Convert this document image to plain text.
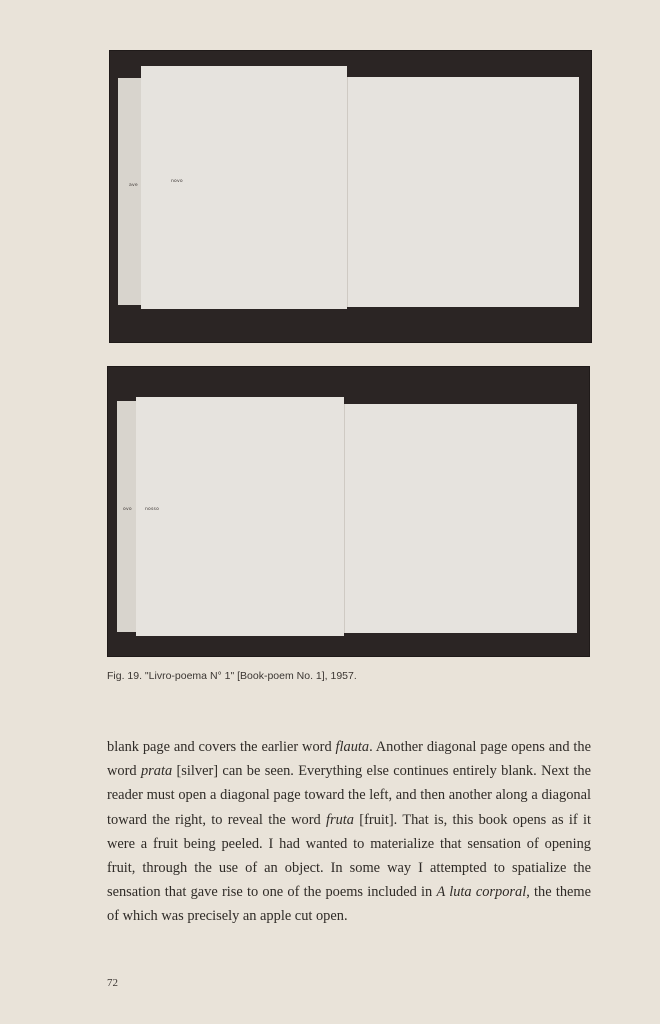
ave
novo
ovo	nosso
Fig. 19. "Livro-poema N° 1" [Book-poem No. 1], 1957.
blank page and covers the earlier word flauta. Another diagonal page opens and the word prata [silver] can be seen. Everything else continues entirely blank. Next the reader must open a diagonal page toward the left, and then another along a diagonal toward the right, to reveal the word fruta [fruit]. That is, this book opens as if it were a fruit being peeled. I had wanted to materialize that sensation of opening fruit, through the use of an object. In some way I attempted to spatialize the sensation that gave rise to one of the poems included in A luta corporal, the theme of which was precisely an apple cut open.
72
